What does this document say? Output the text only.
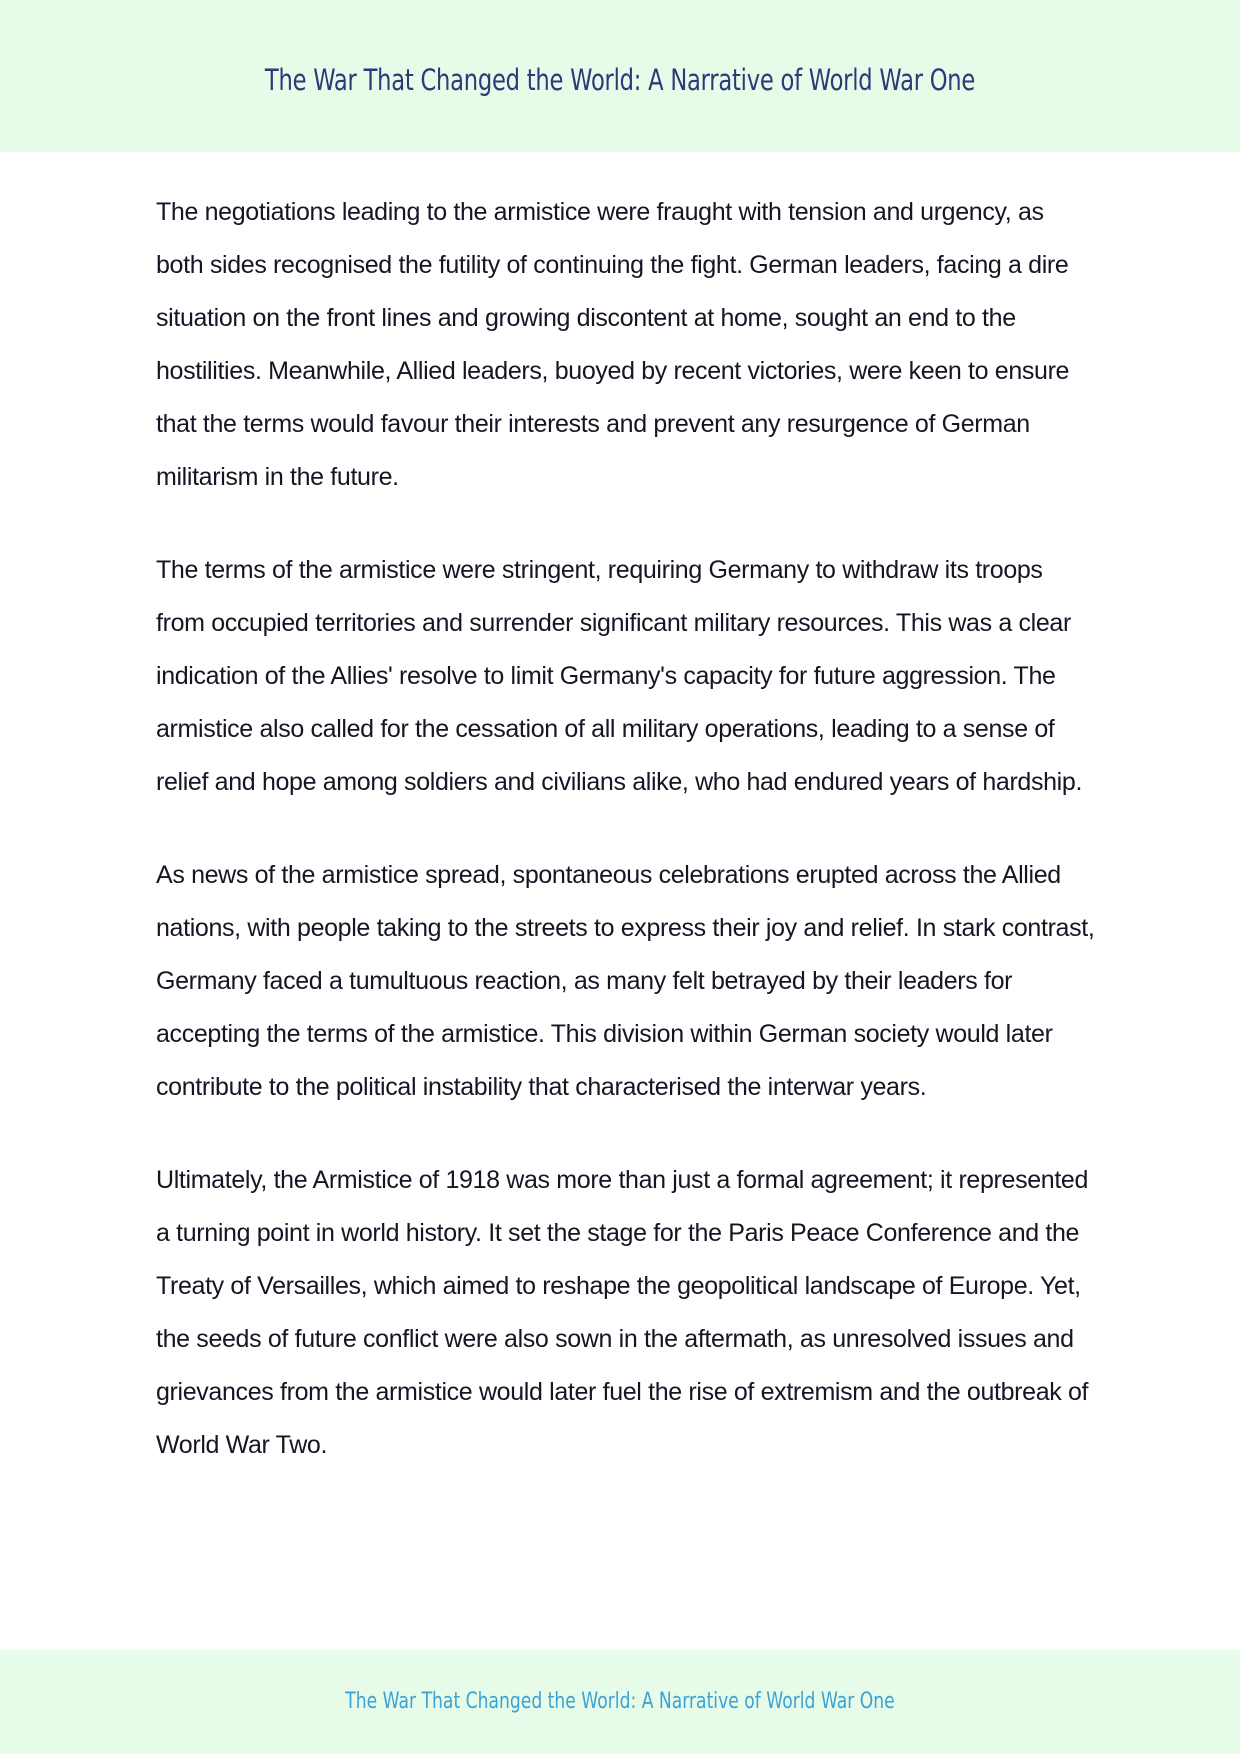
The War That Changed the World: A Narrative of World War One

The negotiations leading to the armistice were fraught with tension and urgency, as both sides recognised the futility of continuing the fight. German leaders, facing a dire situation on the front lines and growing discontent at home, sought an end to the hostilities. Meanwhile, Allied leaders, buoyed by recent victories, were keen to ensure that the terms would favour their interests and prevent any resurgence of German militarism in the future.

The terms of the armistice were stringent, requiring Germany to withdraw its troops from occupied territories and surrender significant military resources. This was a clear indication of the Allies' resolve to limit Germany's capacity for future aggression. The armistice also called for the cessation of all military operations, leading to a sense of relief and hope among soldiers and civilians alike, who had endured years of hardship.

As news of the armistice spread, spontaneous celebrations erupted across the Allied nations, with people taking to the streets to express their joy and relief. In stark contrast, Germany faced a tumultuous reaction, as many felt betrayed by their leaders for accepting the terms of the armistice. This division within German society would later contribute to the political instability that characterised the interwar years.

Ultimately, the Armistice of 1918 was more than just a formal agreement; it represented a turning point in world history. It set the stage for the Paris Peace Conference and the Treaty of Versailles, which aimed to reshape the geopolitical landscape of Europe. Yet, the seeds of future conflict were also sown in the aftermath, as unresolved issues and grievances from the armistice would later fuel the rise of extremism and the outbreak of World War Two.

The War That Changed the World: A Narrative of World War One
